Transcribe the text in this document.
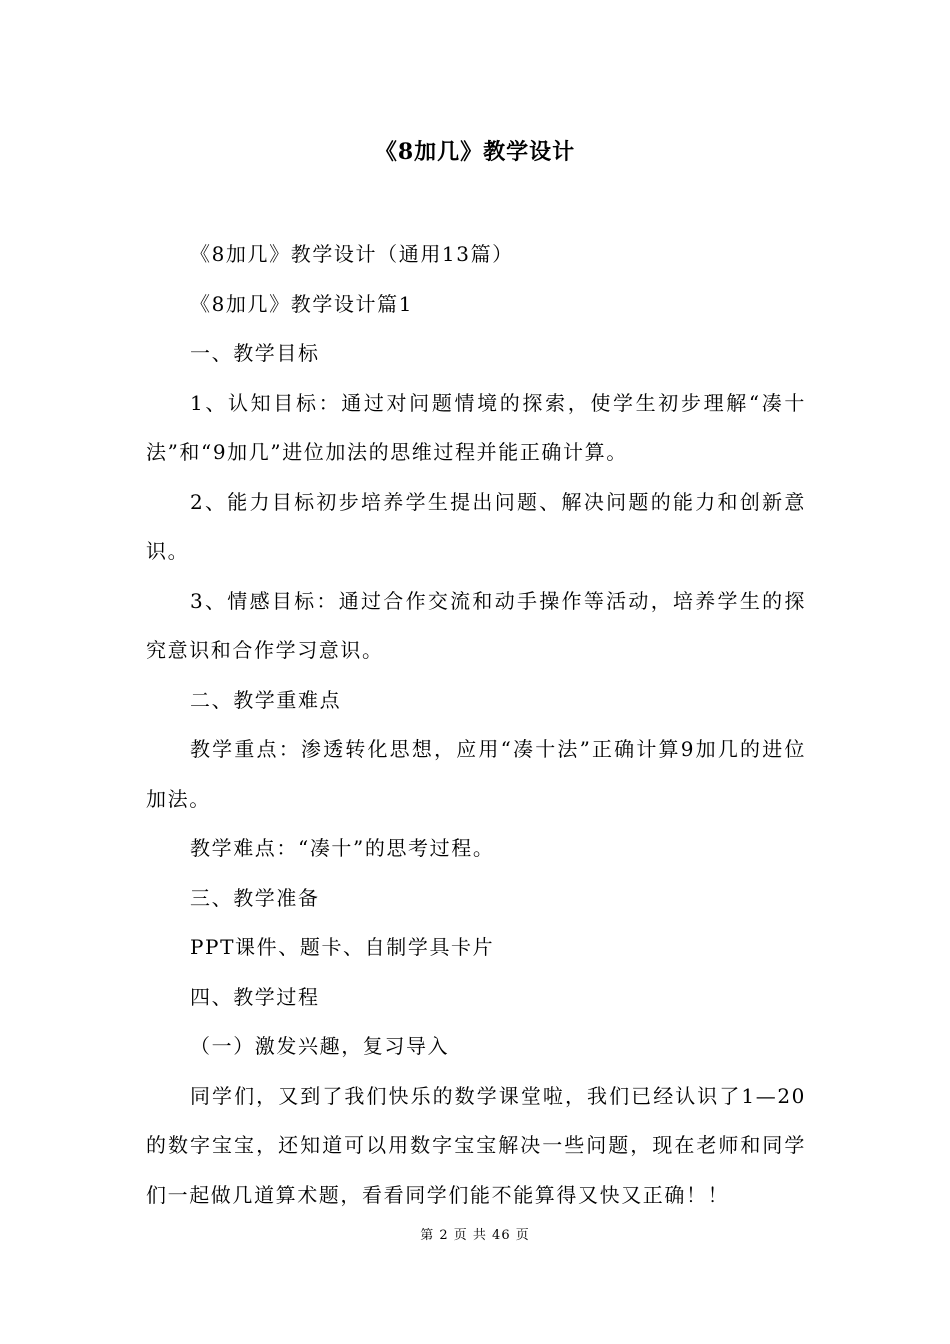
《8加几》教学设计

《8加几》教学设计（通用13篇）

《8加几》教学设计篇1

一、教学目标

1、认知目标：通过对问题情境的探索，使学生初步理解“凑十法”和“9加几”进位加法的思维过程并能正确计算。

2、能力目标初步培养学生提出问题、解决问题的能力和创新意识。

3、情感目标：通过合作交流和动手操作等活动，培养学生的探究意识和合作学习意识。

二、教学重难点

教学重点：渗透转化思想，应用“凑十法”正确计算9加几的进位加法。

教学难点：“凑十”的思考过程。

三、教学准备

PPT课件、题卡、自制学具卡片

四、教学过程

（一）激发兴趣，复习导入

同学们，又到了我们快乐的数学课堂啦，我们已经认识了1—20的数字宝宝，还知道可以用数字宝宝解决一些问题，现在老师和同学们一起做几道算术题，看看同学们能不能算得又快又正确！！

第 2 页 共 46 页
